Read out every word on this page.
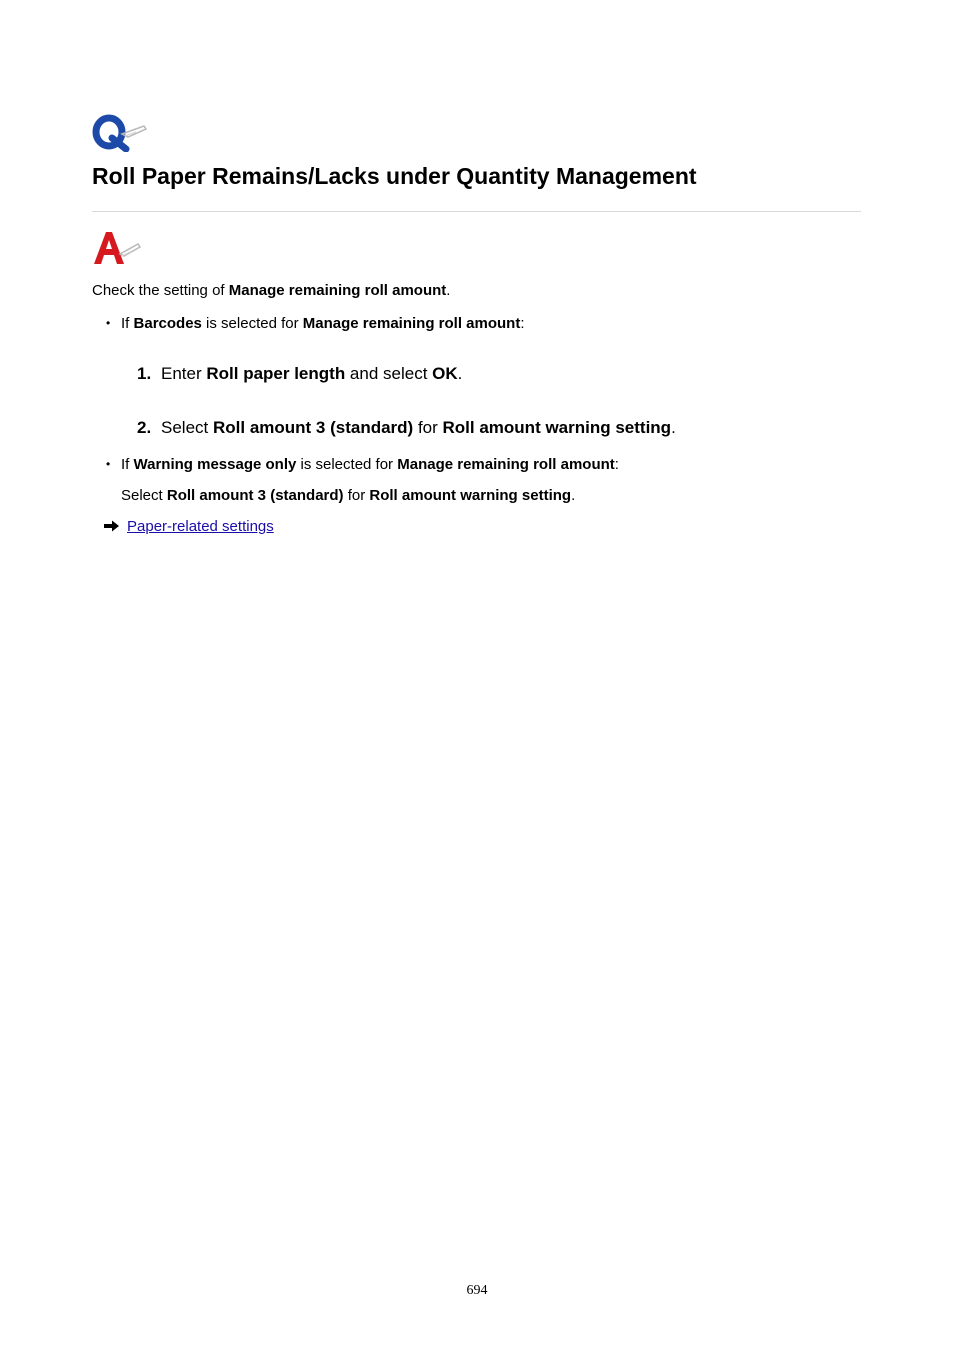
Roll Paper Remains/Lacks under Quantity Management

Check the setting of Manage remaining roll amount.

• If Barcodes is selected for Manage remaining roll amount:

1. Enter Roll paper length and select OK.

2. Select Roll amount 3 (standard) for Roll amount warning setting.

• If Warning message only is selected for Manage remaining roll amount:

Select Roll amount 3 (standard) for Roll amount warning setting.

Paper-related settings
694
